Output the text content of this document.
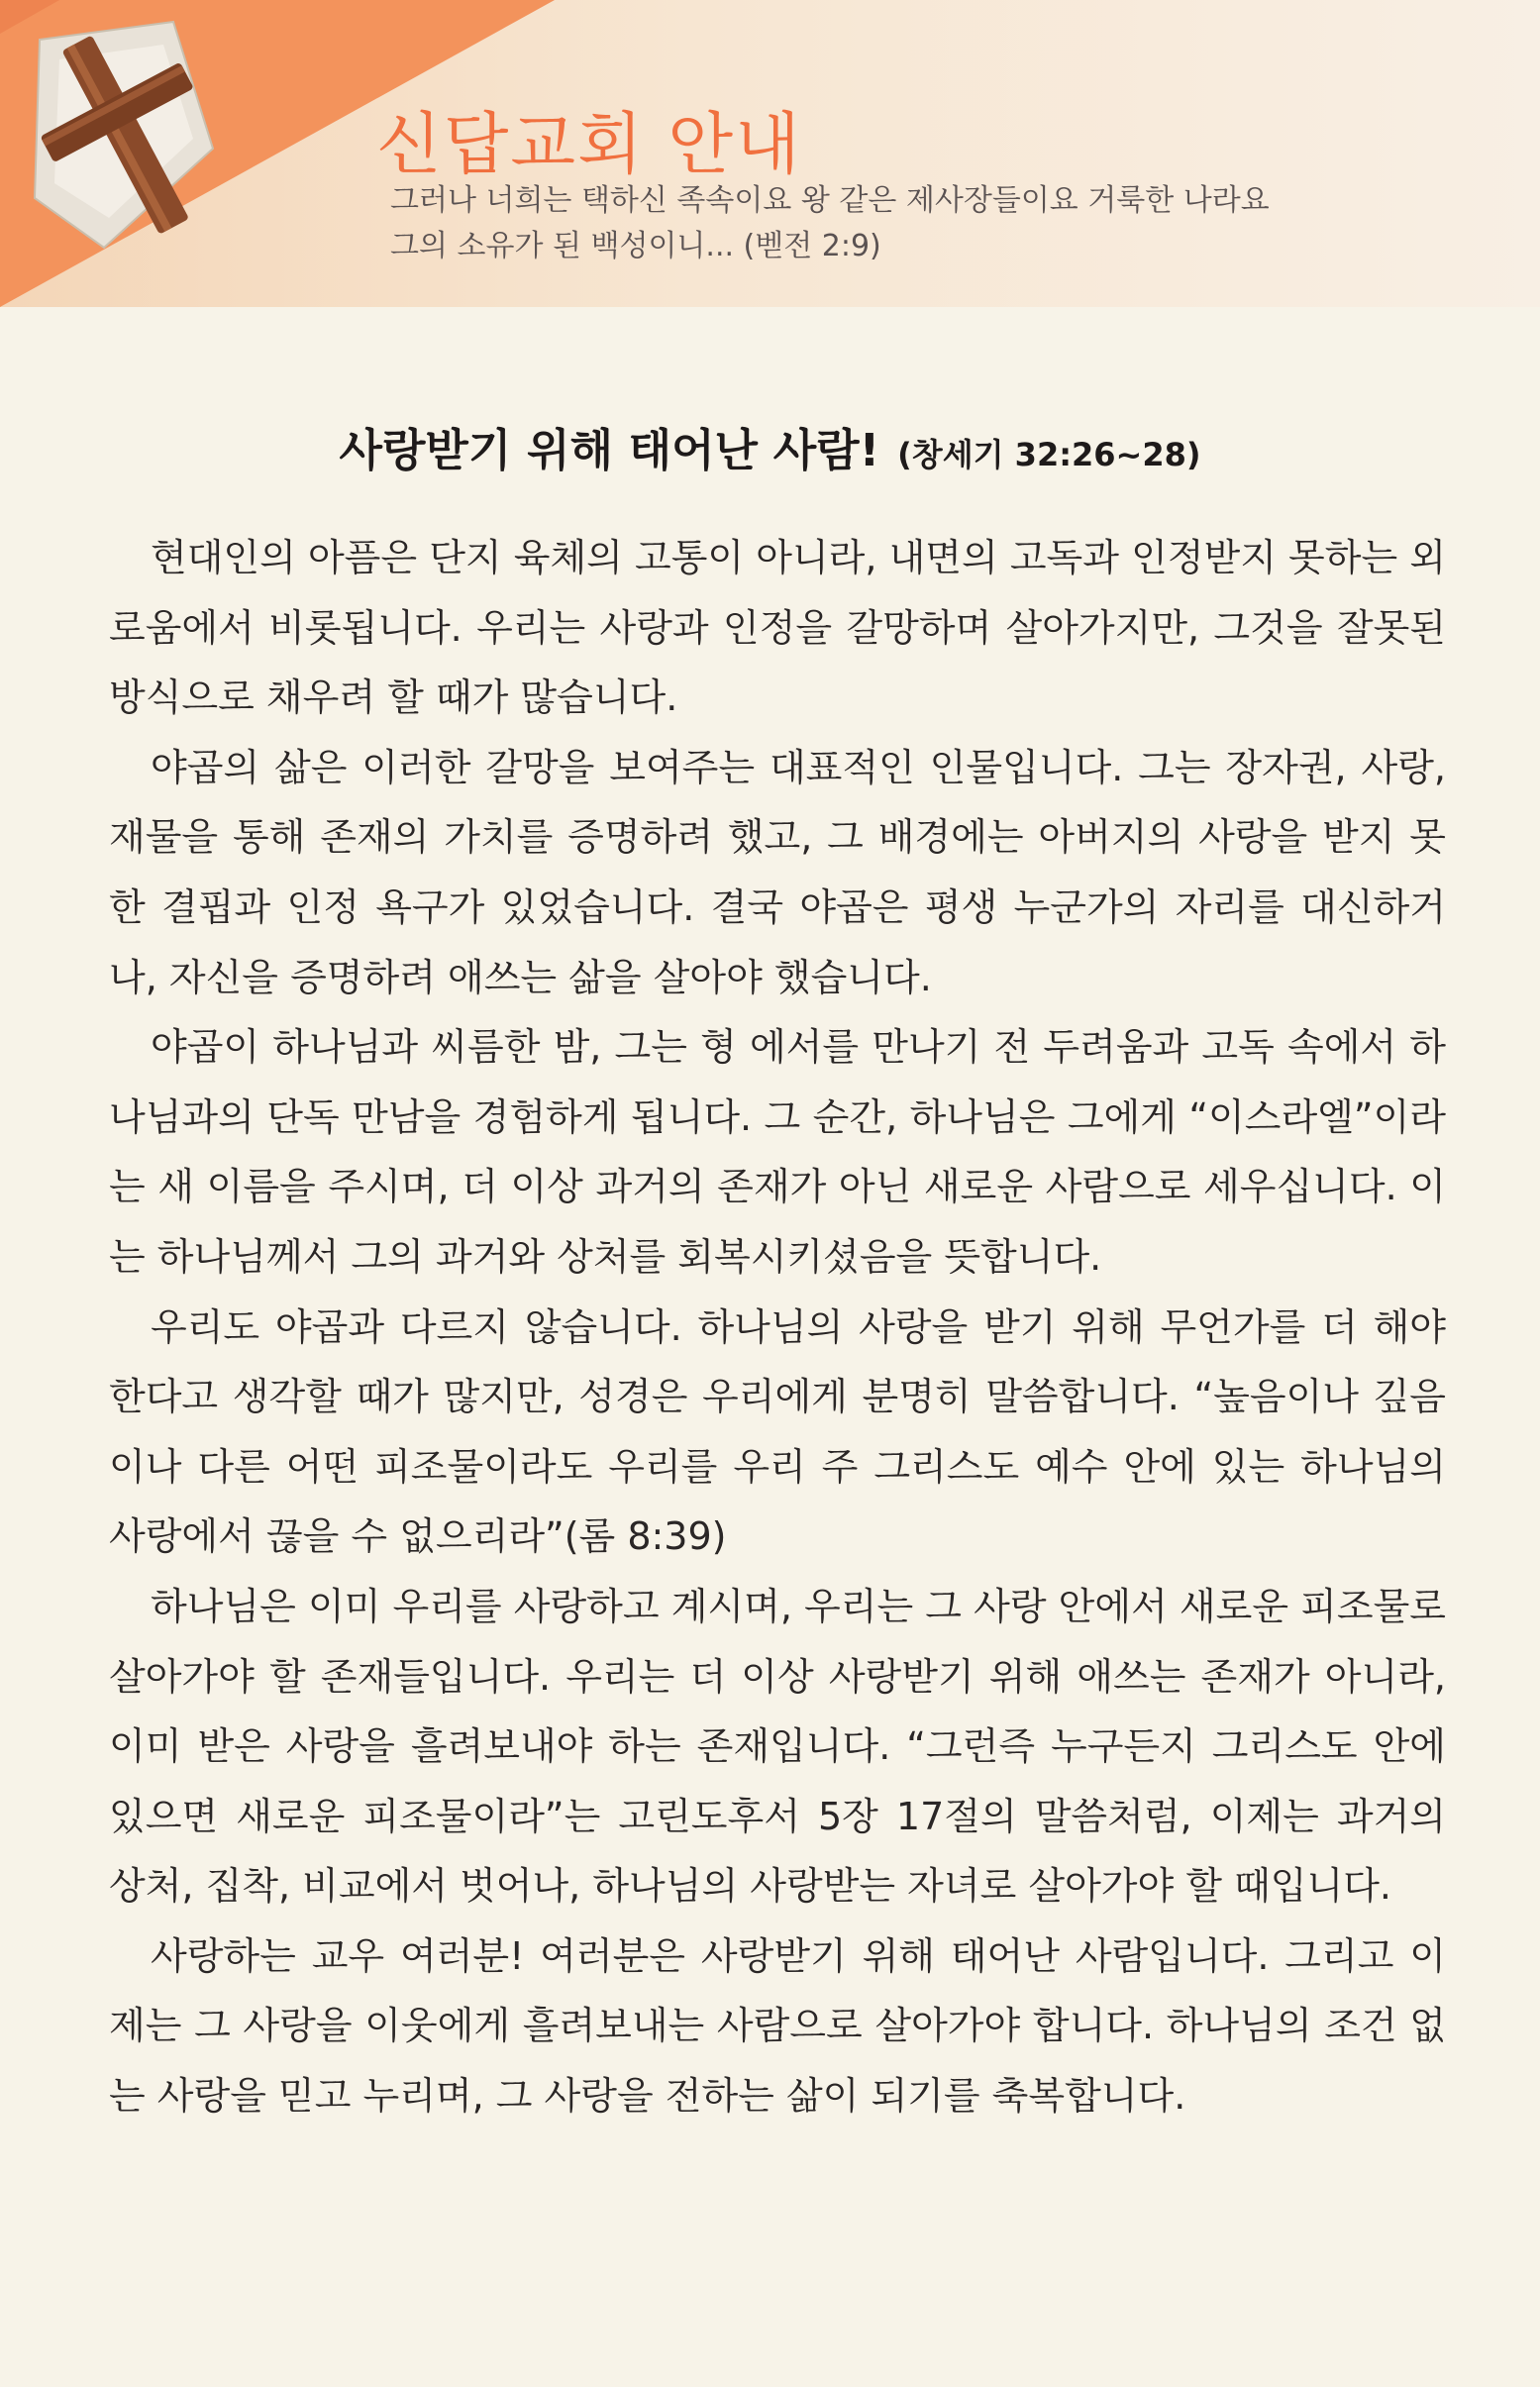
신답교회 안내
그러나 너희는 택하신 족속이요 왕 같은 제사장들이요 거룩한 나라요
그의 소유가 된 백성이니... (벧전 2:9)
사랑받기 위해 태어난 사람! (창세기 32:26~28)

현대인의 아픔은 단지 육체의 고통이 아니라, 내면의 고독과 인정받지 못하는 외로움에서 비롯됩니다. 우리는 사랑과 인정을 갈망하며 살아가지만, 그것을 잘못된 방식으로 채우려 할 때가 많습니다.

야곱의 삶은 이러한 갈망을 보여주는 대표적인 인물입니다. 그는 장자권, 사랑, 재물을 통해 존재의 가치를 증명하려 했고, 그 배경에는 아버지의 사랑을 받지 못한 결핍과 인정 욕구가 있었습니다. 결국 야곱은 평생 누군가의 자리를 대신하거나, 자신을 증명하려 애쓰는 삶을 살아야 했습니다.

야곱이 하나님과 씨름한 밤, 그는 형 에서를 만나기 전 두려움과 고독 속에서 하나님과의 단독 만남을 경험하게 됩니다. 그 순간, 하나님은 그에게 “이스라엘”이라는 새 이름을 주시며, 더 이상 과거의 존재가 아닌 새로운 사람으로 세우십니다. 이는 하나님께서 그의 과거와 상처를 회복시키셨음을 뜻합니다.

우리도 야곱과 다르지 않습니다. 하나님의 사랑을 받기 위해 무언가를 더 해야 한다고 생각할 때가 많지만, 성경은 우리에게 분명히 말씀합니다. “높음이나 깊음이나 다른 어떤 피조물이라도 우리를 우리 주 그리스도 예수 안에 있는 하나님의 사랑에서 끊을 수 없으리라”(롬 8:39)

하나님은 이미 우리를 사랑하고 계시며, 우리는 그 사랑 안에서 새로운 피조물로 살아가야 할 존재들입니다. 우리는 더 이상 사랑받기 위해 애쓰는 존재가 아니라, 이미 받은 사랑을 흘려보내야 하는 존재입니다. “그런즉 누구든지 그리스도 안에 있으면 새로운 피조물이라”는 고린도후서 5장 17절의 말씀처럼, 이제는 과거의 상처, 집착, 비교에서 벗어나, 하나님의 사랑받는 자녀로 살아가야 할 때입니다.

사랑하는 교우 여러분! 여러분은 사랑받기 위해 태어난 사람입니다. 그리고 이제는 그 사랑을 이웃에게 흘려보내는 사람으로 살아가야 합니다. 하나님의 조건 없는 사랑을 믿고 누리며, 그 사랑을 전하는 삶이 되기를 축복합니다.
